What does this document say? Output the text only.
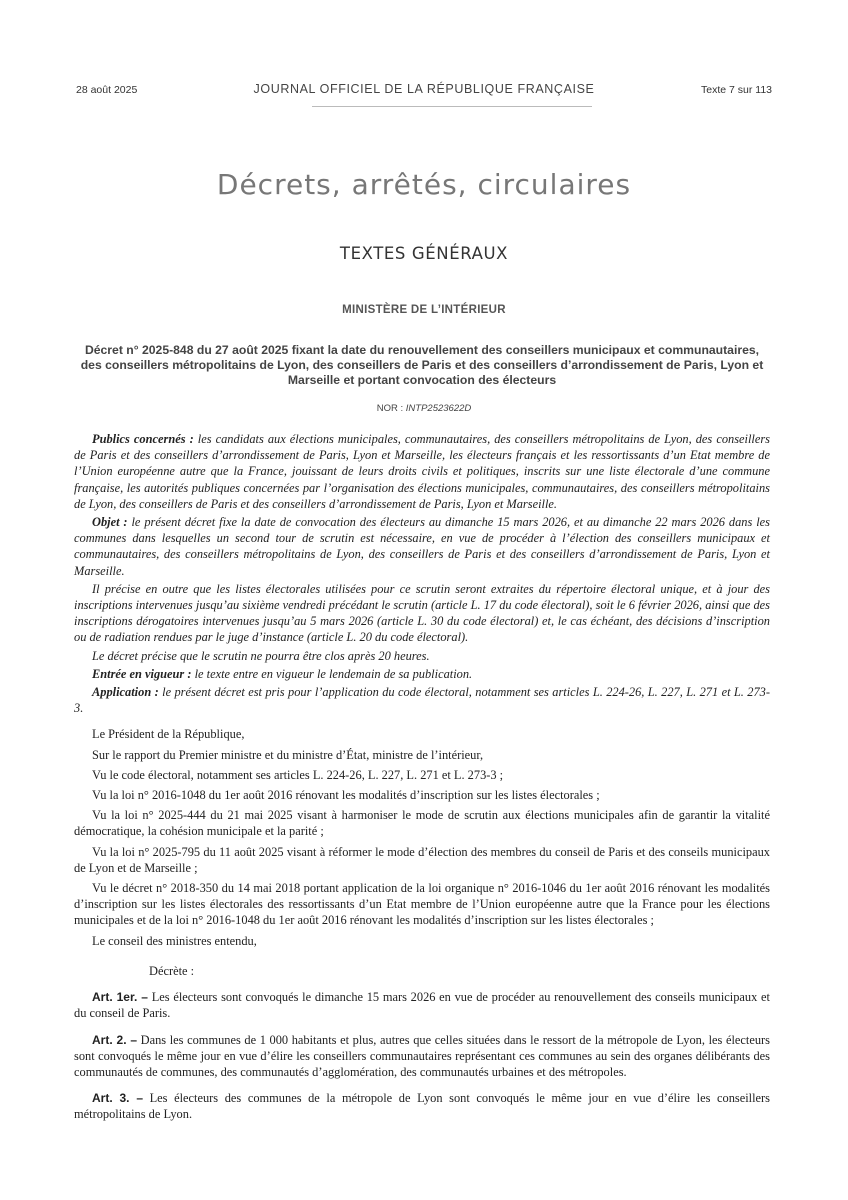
28 août 2025	JOURNAL OFFICIEL DE LA RÉPUBLIQUE FRANÇAISE	Texte 7 sur 113
Décrets, arrêtés, circulaires
TEXTES GÉNÉRAUX
MINISTÈRE DE L’INTÉRIEUR
Décret n° 2025-848 du 27 août 2025 fixant la date du renouvellement des conseillers municipaux et communautaires, des conseillers métropolitains de Lyon, des conseillers de Paris et des conseillers d’arrondissement de Paris, Lyon et Marseille et portant convocation des électeurs
NOR : INTP2523622D

Publics concernés : les candidats aux élections municipales, communautaires, des conseillers métropolitains de Lyon, des conseillers de Paris et des conseillers d’arrondissement de Paris, Lyon et Marseille, les électeurs français et les ressortissants d’un Etat membre de l’Union européenne autre que la France, jouissant de leurs droits civils et politiques, inscrits sur une liste électorale d’une commune française, les autorités publiques concernées par l’organisation des élections municipales, communautaires, des conseillers métropolitains de Lyon, des conseillers de Paris et des conseillers d’arrondissement de Paris, Lyon et Marseille.

Objet : le présent décret fixe la date de convocation des électeurs au dimanche 15 mars 2026, et au dimanche 22 mars 2026 dans les communes dans lesquelles un second tour de scrutin est nécessaire, en vue de procéder à l’élection des conseillers municipaux et communautaires, des conseillers métropolitains de Lyon, des conseillers de Paris et des conseillers d’arrondissement de Paris, Lyon et Marseille.

Il précise en outre que les listes électorales utilisées pour ce scrutin seront extraites du répertoire électoral unique, et à jour des inscriptions intervenues jusqu’au sixième vendredi précédant le scrutin (article L. 17 du code électoral), soit le 6 février 2026, ainsi que des inscriptions dérogatoires intervenues jusqu’au 5 mars 2026 (article L. 30 du code électoral) et, le cas échéant, des décisions d’inscription ou de radiation rendues par le juge d’instance (article L. 20 du code électoral).

Le décret précise que le scrutin ne pourra être clos après 20 heures.

Entrée en vigueur : le texte entre en vigueur le lendemain de sa publication.

Application : le présent décret est pris pour l’application du code électoral, notamment ses articles L. 224-26, L. 227, L. 271 et L. 273-3.

Le Président de la République,

Sur le rapport du Premier ministre et du ministre d’État, ministre de l’intérieur,

Vu le code électoral, notamment ses articles L. 224-26, L. 227, L. 271 et L. 273-3 ;

Vu la loi n° 2016-1048 du 1er août 2016 rénovant les modalités d’inscription sur les listes électorales ;

Vu la loi n° 2025-444 du 21 mai 2025 visant à harmoniser le mode de scrutin aux élections municipales afin de garantir la vitalité démocratique, la cohésion municipale et la parité ;

Vu la loi n° 2025-795 du 11 août 2025 visant à réformer le mode d’élection des membres du conseil de Paris et des conseils municipaux de Lyon et de Marseille ;

Vu le décret n° 2018-350 du 14 mai 2018 portant application de la loi organique n° 2016-1046 du 1er août 2016 rénovant les modalités d’inscription sur les listes électorales des ressortissants d’un Etat membre de l’Union européenne autre que la France pour les élections municipales et de la loi n° 2016-1048 du 1er août 2016 rénovant les modalités d’inscription sur les listes électorales ;

Le conseil des ministres entendu,

Décrète :

Art. 1er. – Les électeurs sont convoqués le dimanche 15 mars 2026 en vue de procéder au renouvellement des conseils municipaux et du conseil de Paris.

Art. 2. – Dans les communes de 1 000 habitants et plus, autres que celles situées dans le ressort de la métropole de Lyon, les électeurs sont convoqués le même jour en vue d’élire les conseillers communautaires représentant ces communes au sein des organes délibérants des communautés de communes, des communautés d’agglomération, des communautés urbaines et des métropoles.

Art. 3. – Les électeurs des communes de la métropole de Lyon sont convoqués le même jour en vue d’élire les conseillers métropolitains de Lyon.
